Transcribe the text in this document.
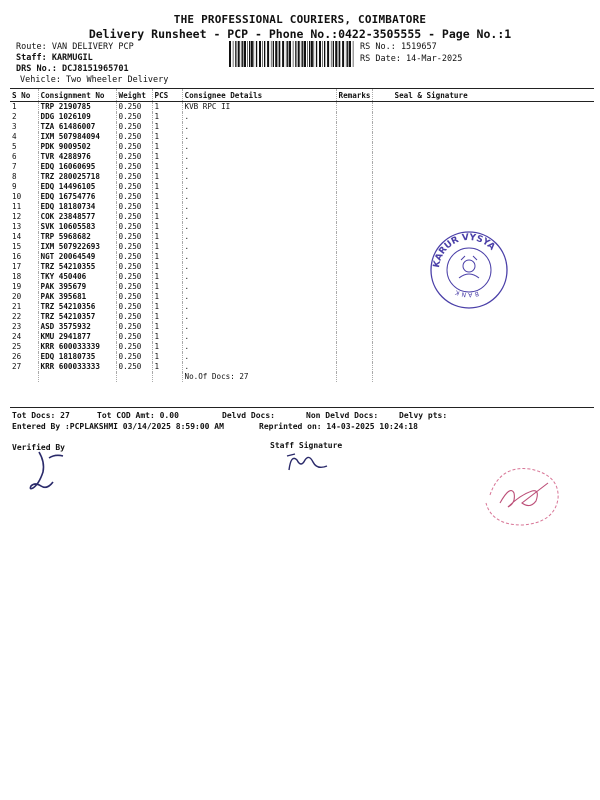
THE PROFESSIONAL COURIERS, COIMBATORE
Delivery Runsheet - PCP - Phone No.:0422-3505555 - Page No.:1
Route: VAN DELIVERY PCP
Staff: KARMUGIL
DRS No.: DCJ8151965701
Vehicle: Two Wheeler Delivery
RS No.: 1519657
RS Date: 14-Mar-2025
S No	Consignment No	Weight	PCS	Consignee Details	Remarks	Seal & Signature
1	TRP 2190785	0.250	1	KVB RPC II		
2	DDG 1026109	0.250	1	.		
3	TZA 61486007	0.250	1	.		
4	IXM 507984094	0.250	1	.		
5	PDK 9009502	0.250	1	.		
6	TVR 4288976	0.250	1	.		
7	EDQ 16060695	0.250	1	.		
8	TRZ 280025718	0.250	1	.		
9	EDQ 14496105	0.250	1	.		
10	EDQ 16754776	0.250	1	.		
11	EDQ 18180734	0.250	1	.		
12	COK 23848577	0.250	1	.		
13	SVK 10605583	0.250	1	.		
14	TRP 5968682	0.250	1	.		
15	IXM 507922693	0.250	1	.		
16	NGT 20064549	0.250	1	.		
17	TRZ 54210355	0.250	1	.		
18	TKY 450406	0.250	1	.		
19	PAK 395679	0.250	1	.		
20	PAK 395681	0.250	1	.		
21	TRZ 54210356	0.250	1	.		
22	TRZ 54210357	0.250	1	.		
23	ASD 3575932	0.250	1	.		
24	KMU 2941877	0.250	1	.		
25	KRR 600033339	0.250	1	.		
26	EDQ 18180735	0.250	1	.		
27	KRR 600033333	0.250	1	.		
				No.Of Docs: 27		
Tot Docs: 27	Tot COD Amt: 0.00	Delvd Docs:	Non Delvd Docs:	Delvy pts:
Entered By :PCPLAKSHMI 03/14/2025 8:59:00 AM	Reprinted on: 14-03-2025 10:24:18
Verified By	Staff Signature
KARUR VYSYA
B A N K
